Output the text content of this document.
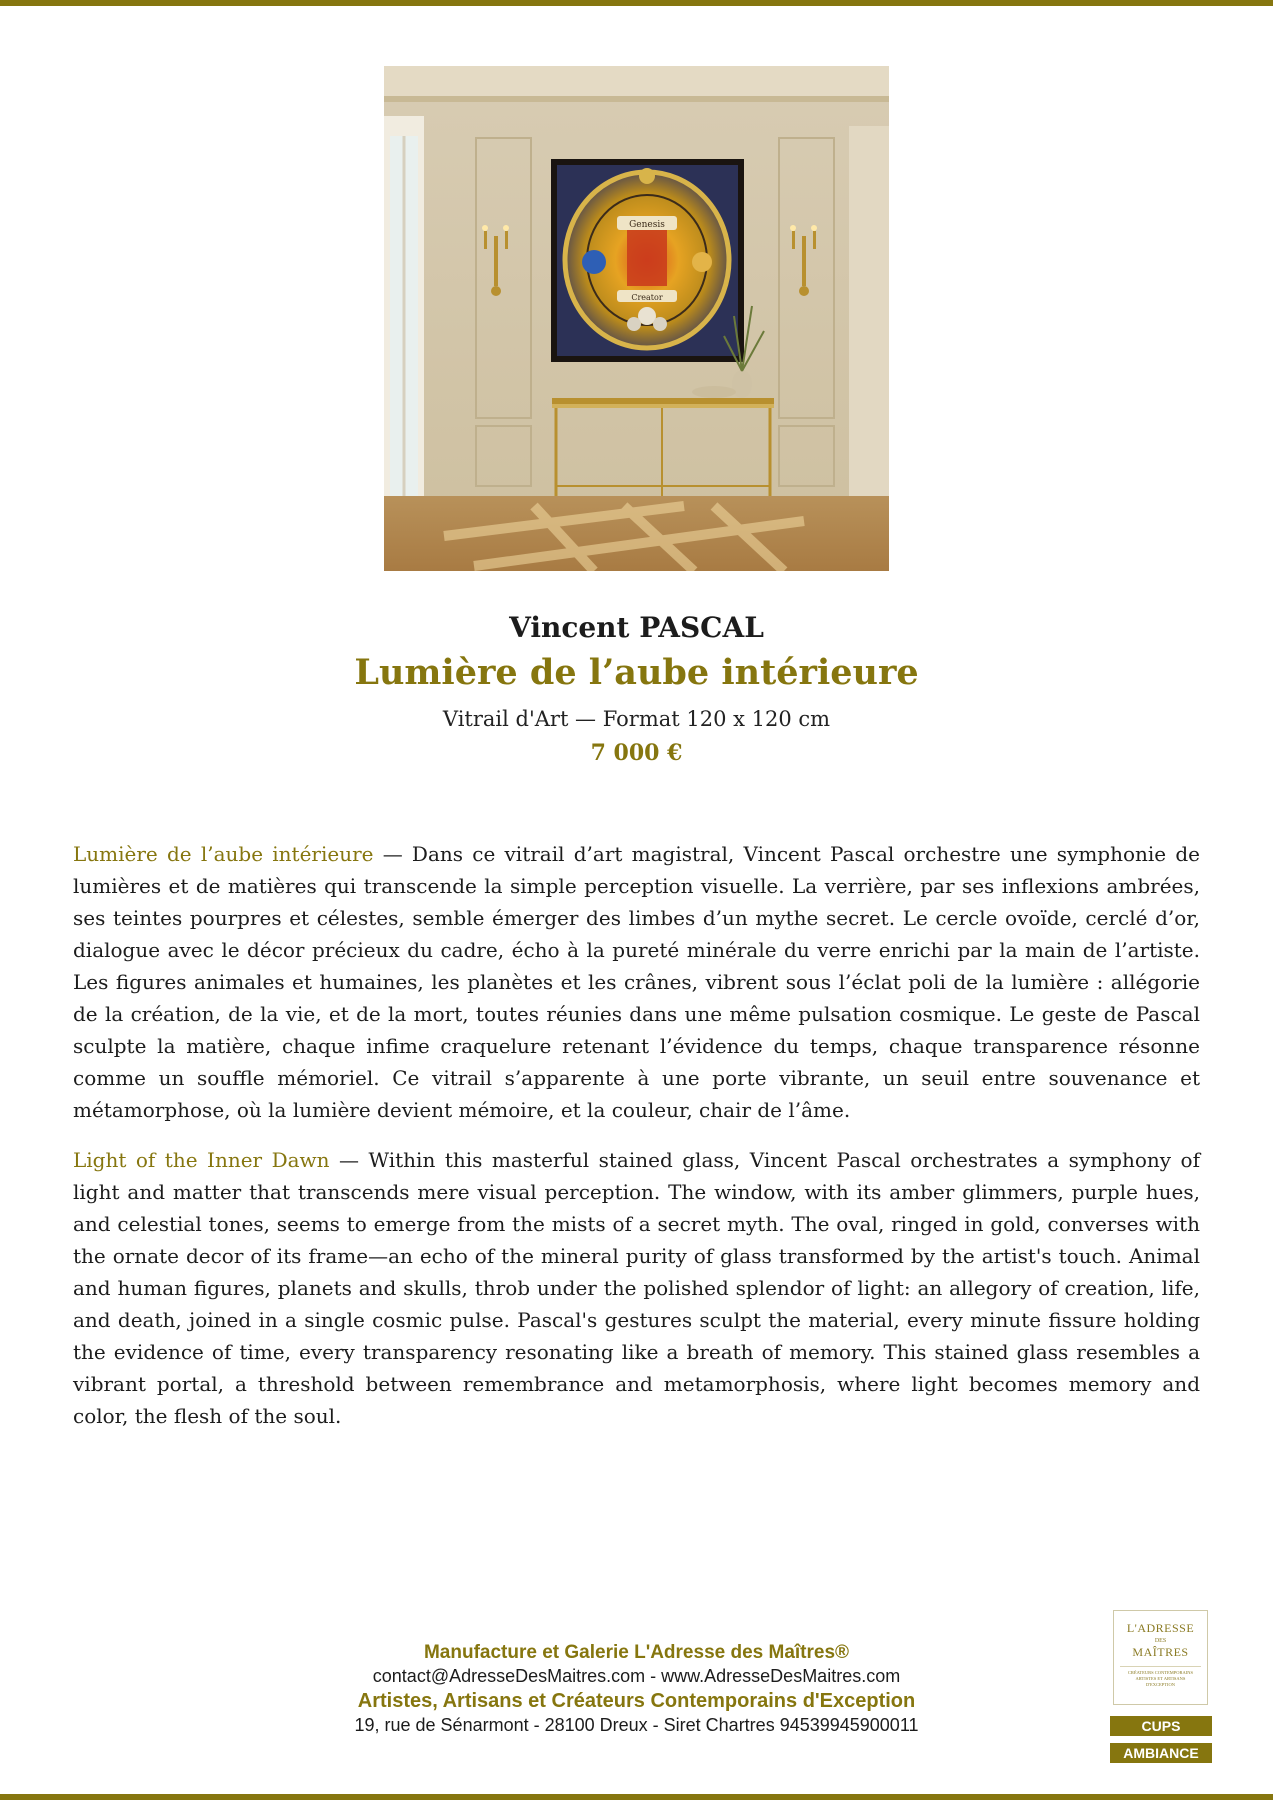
Genesis
Creator
Vincent PASCAL
Lumière de l’aube intérieure
Vitrail d'Art — Format 120 x 120 cm
7 000 €

Lumière de l’aube intérieure — Dans ce vitrail d’art magistral, Vincent Pascal orchestre une symphonie de lumières et de matières qui transcende la simple perception visuelle. La verrière, par ses inflexions ambrées, ses teintes pourpres et célestes, semble émerger des limbes d’un mythe secret. Le cercle ovoïde, cerclé d’or, dialogue avec le décor précieux du cadre, écho à la pureté minérale du verre enrichi par la main de l’artiste. Les figures animales et humaines, les planètes et les crânes, vibrent sous l’éclat poli de la lumière : allégorie de la création, de la vie, et de la mort, toutes réunies dans une même pulsation cosmique. Le geste de Pascal sculpte la matière, chaque infime craquelure retenant l’évidence du temps, chaque transparence résonne comme un souffle mémoriel. Ce vitrail s’apparente à une porte vibrante, un seuil entre souvenance et métamorphose, où la lumière devient mémoire, et la couleur, chair de l’âme.

Light of the Inner Dawn — Within this masterful stained glass, Vincent Pascal orchestrates a symphony of light and matter that transcends mere visual perception. The window, with its amber glimmers, purple hues, and celestial tones, seems to emerge from the mists of a secret myth. The oval, ringed in gold, converses with the ornate decor of its frame—an echo of the mineral purity of glass transformed by the artist's touch. Animal and human figures, planets and skulls, throb under the polished splendor of light: an allegory of creation, life, and death, joined in a single cosmic pulse. Pascal's gestures sculpt the material, every minute fissure holding the evidence of time, every transparency resonating like a breath of memory. This stained glass resembles a vibrant portal, a threshold between remembrance and metamorphosis, where light becomes memory and color, the flesh of the soul.

Manufacture et Galerie L'Adresse des Maîtres®
contact@AdresseDesMaitres.com - www.AdresseDesMaitres.com
Artistes, Artisans et Créateurs Contemporains d'Exception
19, rue de Sénarmont - 28100 Dreux - Siret Chartres 94539945900011
L'ADRESSE
DES
MAÎTRES
CRÉATEURS CONTEMPORAINS ARTISTES ET ARTISANS D'EXCEPTION
CUPS
AMBIANCE
